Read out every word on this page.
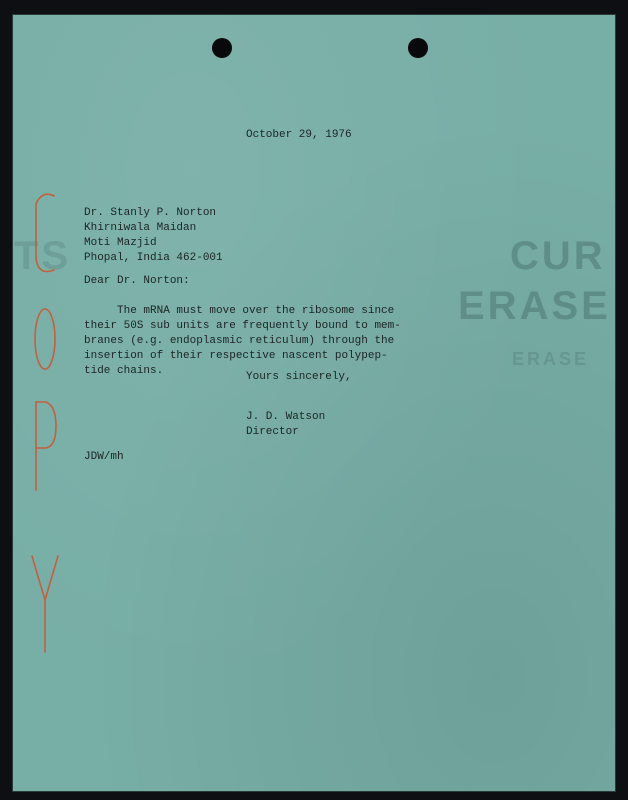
CUR
ERASE
ERASE
TS
October 29, 1976
Dr. Stanly P. Norton
Khirniwala Maidan
Moti Mazjid
Phopal, India 462-001
Dear Dr. Norton:
The mRNA must move over the ribosome since
their 50S sub units are frequently bound to mem-
branes (e.g. endoplasmic reticulum) through the
insertion of their respective nascent polypep-
tide chains.	Yours sincerely,
J. D. Watson
Director
JDW/mh
